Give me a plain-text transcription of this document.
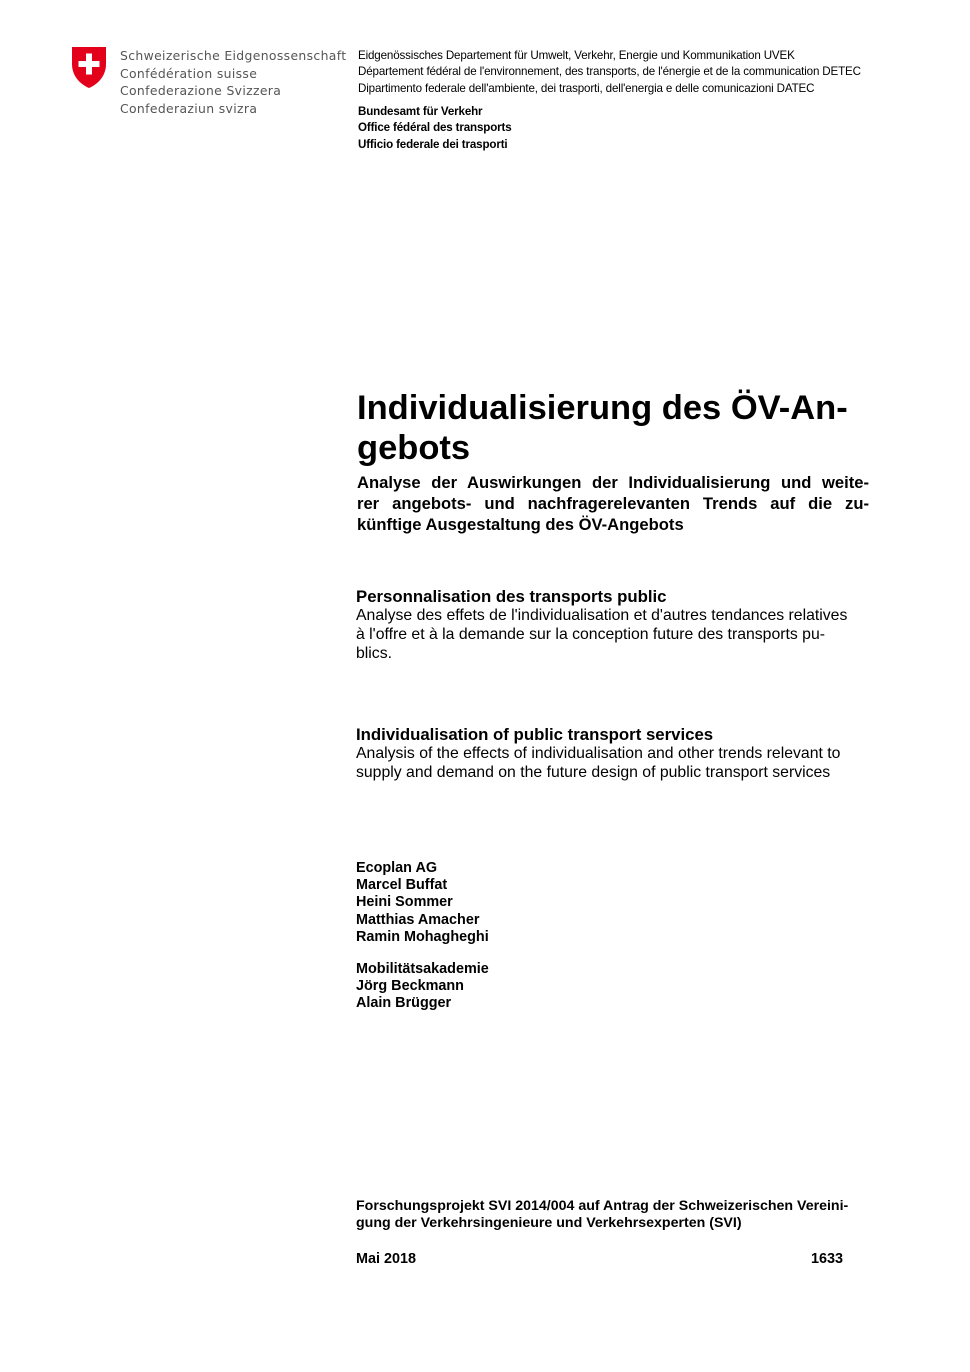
Schweizerische Eidgenossenschaft
Confédération suisse
Confederazione Svizzera
Confederaziun svizra
Eidgenössisches Departement für Umwelt, Verkehr, Energie und Kommunikation UVEK
Département fédéral de l'environnement, des transports, de l'énergie et de la communication DETEC
Dipartimento federale dell'ambiente, dei trasporti, dell'energia e delle comunicazioni DATEC
Bundesamt für Verkehr
Office fédéral des transports
Ufficio federale dei trasporti
Individualisierung des ÖV-An-
gebots
Analyse der Auswirkungen der Individualisierung und weite-
rer angebots- und nachfragerelevanten Trends auf die zu-
künftige Ausgestaltung des ÖV-Angebots
Personnalisation des transports public
Analyse des effets de l'individualisation et d'autres tendances relatives
à l'offre et à la demande sur la conception future des transports pu-
blics.
Individualisation of public transport services
Analysis of the effects of individualisation and other trends relevant to
supply and demand on the future design of public transport services
Ecoplan AG
Marcel Buffat
Heini Sommer
Matthias Amacher
Ramin Mohagheghi
Mobilitätsakademie
Jörg Beckmann
Alain Brügger
Forschungsprojekt SVI 2014/004 auf Antrag der Schweizerischen Vereini-
gung der Verkehrsingenieure und Verkehrsexperten (SVI)
Mai 2018	1633
